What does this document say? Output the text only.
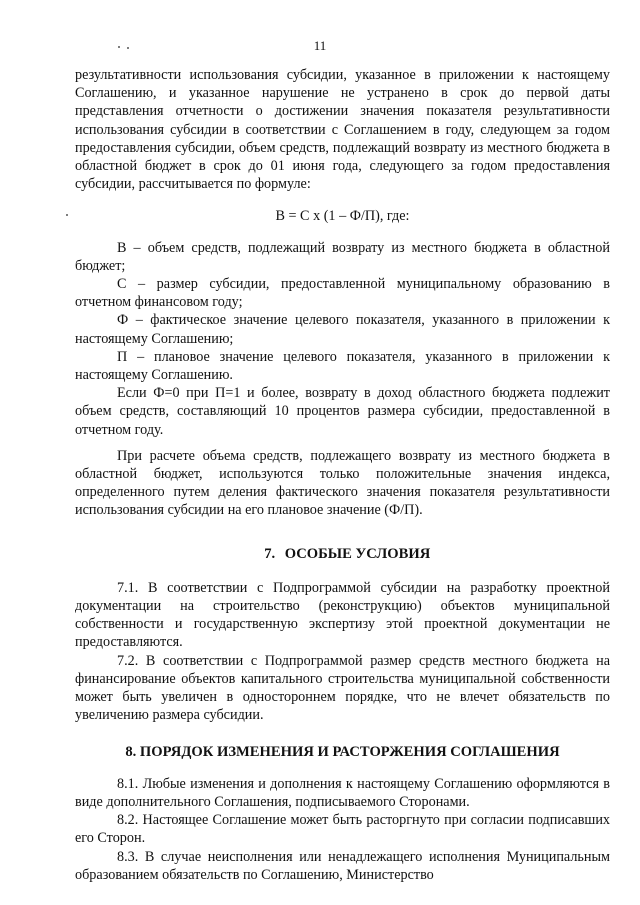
11

результативности использования субсидии, указанное в приложении к настоящему Соглашению, и указанное нарушение не устранено в срок до первой даты представления отчетности о достижении значения показателя результативности использования субсидии в соответствии с Соглашением в году, следующем за годом предоставления субсидии, объем средств, подлежащий возврату из местного бюджета в областной бюджет в срок до 01 июня года, следующего за годом предоставления субсидии, рассчитывается по формуле:

В = С х (1 – Ф/П), где:

В – объем средств, подлежащий возврату из местного бюджета в областной бюджет;

С – размер субсидии, предоставленной муниципальному образованию в отчетном финансовом году;

Ф – фактическое значение целевого показателя, указанного в приложении к настоящему Соглашению;

П – плановое значение целевого показателя, указанного в приложении к настоящему Соглашению.

Если Ф=0 при П=1 и более, возврату в доход областного бюджета подлежит объем средств, составляющий 10 процентов размера субсидии, предоставленной в отчетном году.

При расчете объема средств, подлежащего возврату из местного бюджета в областной бюджет, используются только положительные значения индекса, определенного путем деления фактического значения показателя результативности использования субсидии на его плановое значение (Ф/П).

7. ОСОБЫЕ УСЛОВИЯ

7.1. В соответствии с Подпрограммой субсидии на разработку проектной документации на строительство (реконструкцию) объектов муниципальной собственности и государственную экспертизу этой проектной документации не предоставляются.

7.2. В соответствии с Подпрограммой размер средств местного бюджета на финансирование объектов капитального строительства муниципальной собственности может быть увеличен в одностороннем порядке, что не влечет обязательств по увеличению размера субсидии.

8. ПОРЯДОК ИЗМЕНЕНИЯ И РАСТОРЖЕНИЯ СОГЛАШЕНИЯ

8.1. Любые изменения и дополнения к настоящему Соглашению оформляются в виде дополнительного Соглашения, подписываемого Сторонами.

8.2. Настоящее Соглашение может быть расторгнуто при согласии подписавших его Сторон.

8.3. В случае неисполнения или ненадлежащего исполнения Муниципальным образованием обязательств по Соглашению, Министерство
